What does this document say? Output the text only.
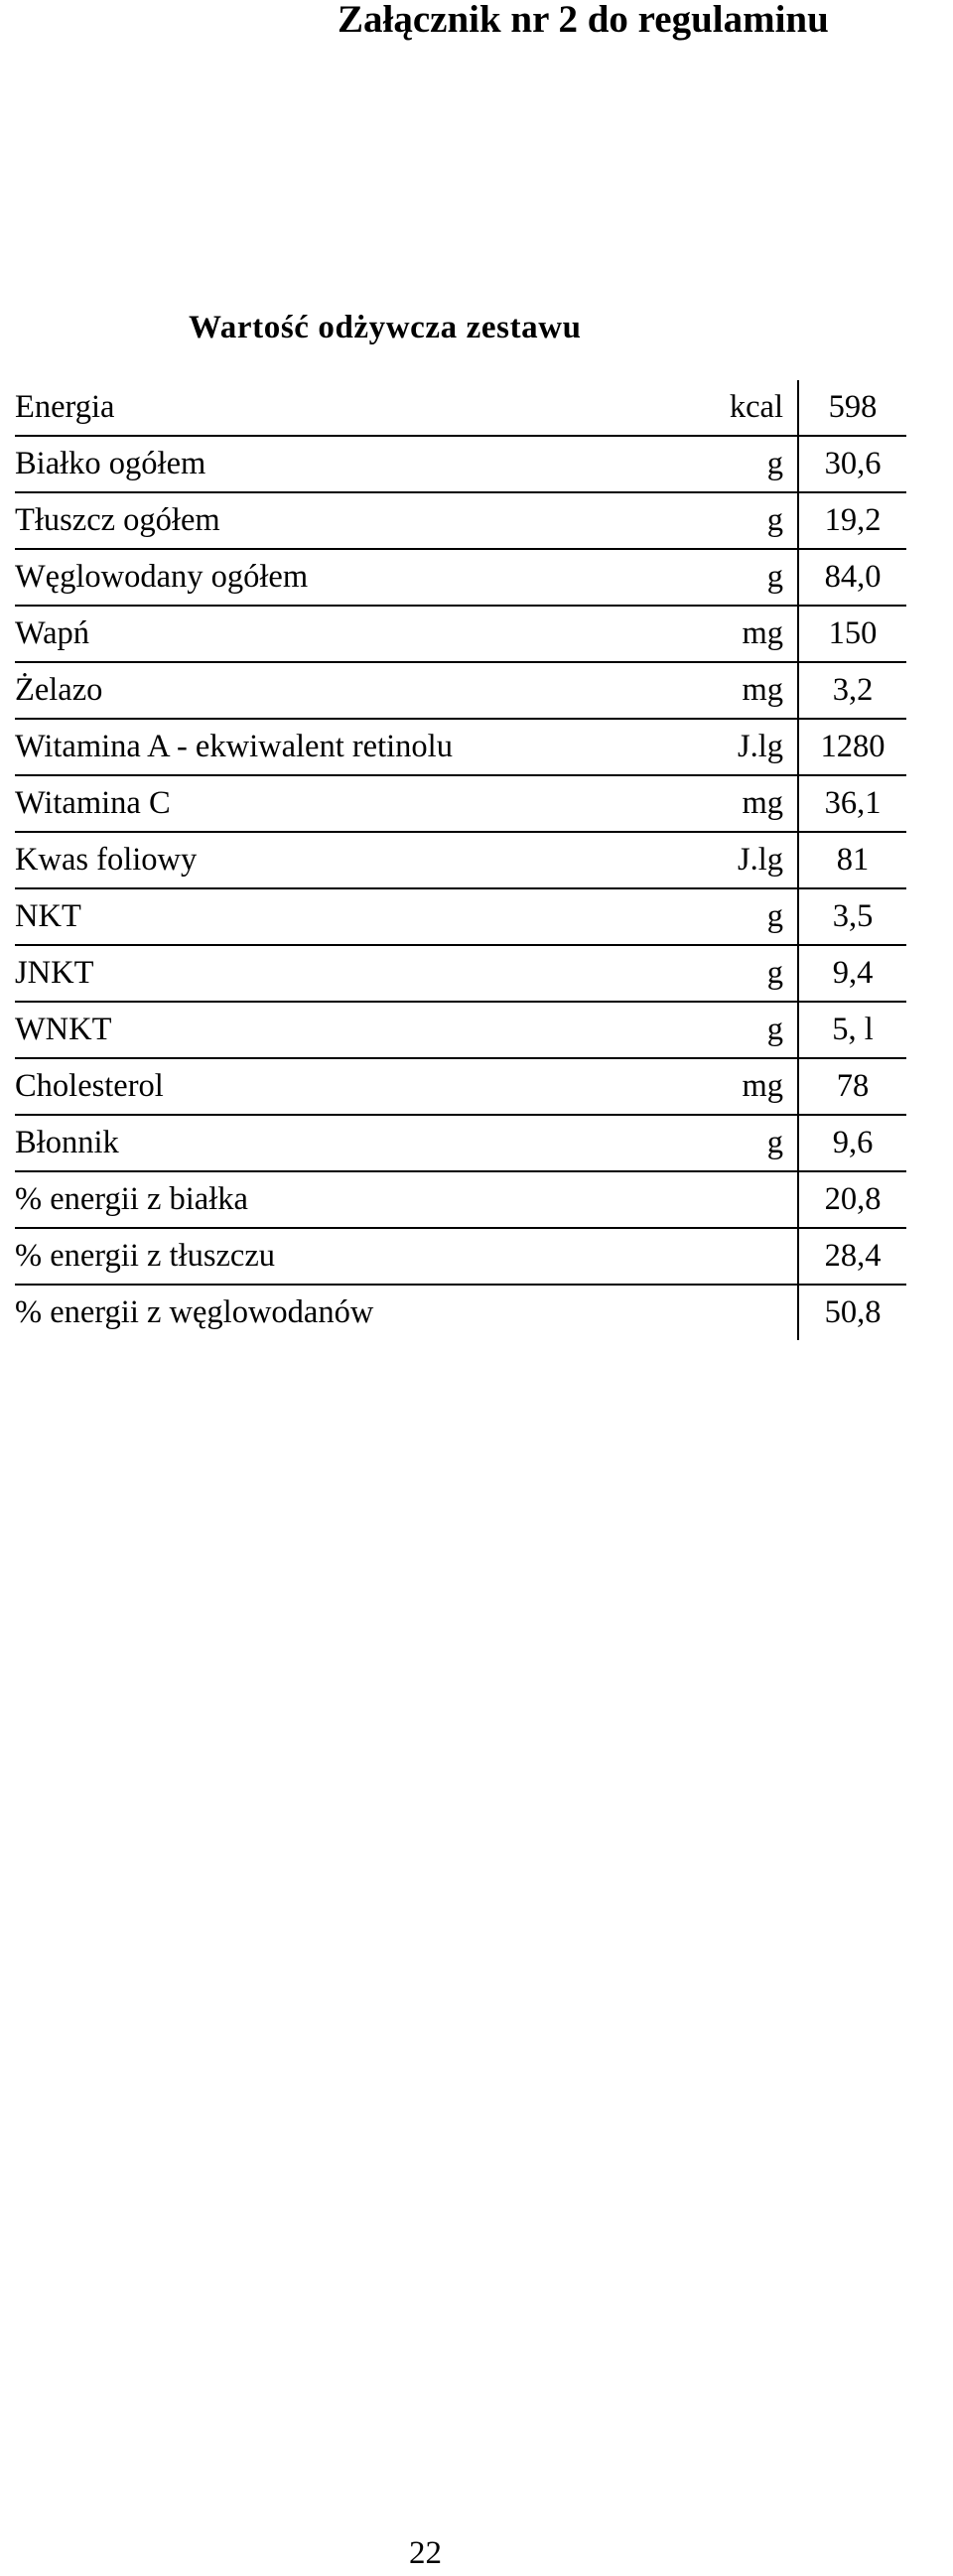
Załącznik nr 2 do regulaminu
Wartość odżywcza zestawu
Energia	kcal	598
Białko ogółem	g	30,6
Tłuszcz ogółem	g	19,2
Węglowodany ogółem	g	84,0
Wapń	mg	150
Żelazo	mg	3,2
Witamina A - ekwiwalent retinolu	J.lg	1280
Witamina C	mg	36,1
Kwas foliowy	J.lg	81
NKT	g	3,5
JNKT	g	9,4
WNKT	g	5, l
Cholesterol	mg	78
Błonnik	g	9,6
% energii z białka		20,8
% energii z tłuszczu		28,4
% energii z węglowodanów		50,8
22
